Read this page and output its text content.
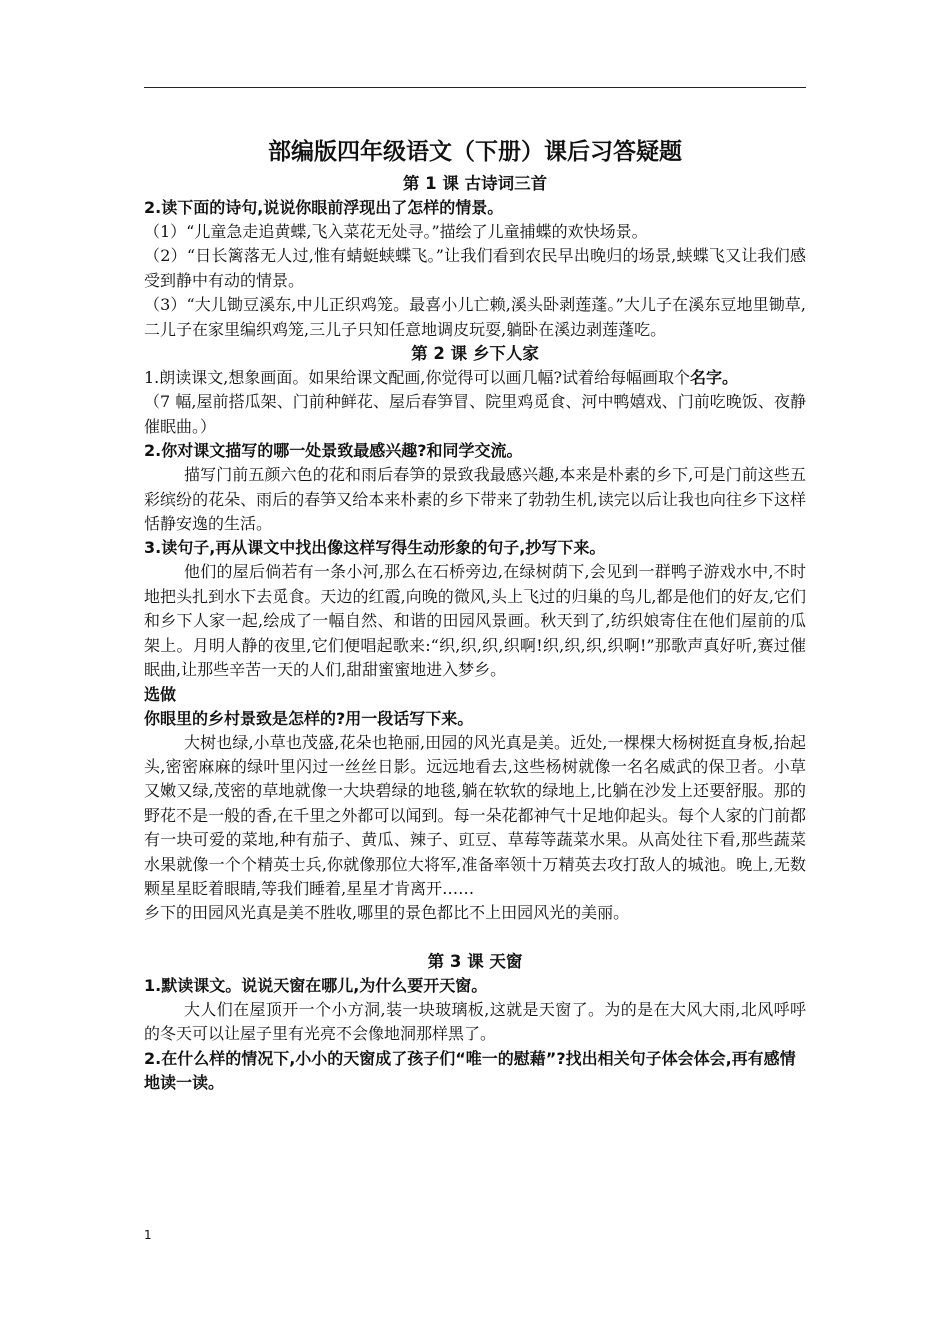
部编版四年级语文（下册）课后习答疑题
第 1 课 古诗词三首

2.读下面的诗句,说说你眼前浮现出了怎样的情景。

（1）“儿童急走追黄蝶,飞入菜花无处寻。”描绘了儿童捕蝶的欢快场景。

（2）“日长篱落无人过,惟有蜻蜓蛱蝶飞。”让我们看到农民早出晚归的场景,蛱蝶飞又让我们感受到静中有动的情景。

（3）“大儿锄豆溪东,中儿正织鸡笼。最喜小儿亡赖,溪头卧剥莲蓬。”大儿子在溪东豆地里锄草,二儿子在家里编织鸡笼,三儿子只知任意地调皮玩耍,躺卧在溪边剥莲蓬吃。

第 2 课 乡下人家

1.朗读课文,想象画面。如果给课文配画,你觉得可以画几幅?试着给每幅画取个名字。

（7 幅,屋前搭瓜架、门前种鲜花、屋后春笋冒、院里鸡觅食、河中鸭嬉戏、门前吃晚饭、夜静催眠曲。）

2.你对课文描写的哪一处景致最感兴趣?和同学交流。

描写门前五颜六色的花和雨后春笋的景致我最感兴趣,本来是朴素的乡下,可是门前这些五彩缤纷的花朵、雨后的春笋又给本来朴素的乡下带来了勃勃生机,读完以后让我也向往乡下这样恬静安逸的生活。

3.读句子,再从课文中找出像这样写得生动形象的句子,抄写下来。

他们的屋后倘若有一条小河,那么在石桥旁边,在绿树荫下,会见到一群鸭子游戏水中,不时地把头扎到水下去觅食。天边的红霞,向晚的微风,头上飞过的归巢的鸟儿,都是他们的好友,它们和乡下人家一起,绘成了一幅自然、和谐的田园风景画。秋天到了,纺织娘寄住在他们屋前的瓜架上。月明人静的夜里,它们便唱起歌来:“织,织,织,织啊!织,织,织,织啊!”那歌声真好听,赛过催眠曲,让那些辛苦一天的人们,甜甜蜜蜜地进入梦乡。

选做

你眼里的乡村景致是怎样的?用一段话写下来。

大树也绿,小草也茂盛,花朵也艳丽,田园的风光真是美。近处,一棵棵大杨树挺直身板,抬起头,密密麻麻的绿叶里闪过一丝丝日影。远远地看去,这些杨树就像一名名威武的保卫者。小草又嫩又绿,茂密的草地就像一大块碧绿的地毯,躺在软软的绿地上,比躺在沙发上还要舒服。那的野花不是一般的香,在千里之外都可以闻到。每一朵花都神气十足地仰起头。每个人家的门前都有一块可爱的菜地,种有茄子、黄瓜、辣子、豇豆、草莓等蔬菜水果。从高处往下看,那些蔬菜水果就像一个个精英士兵,你就像那位大将军,准备率领十万精英去攻打敌人的城池。晚上,无数颗星星眨着眼睛,等我们睡着,星星才肯离开……

乡下的田园风光真是美不胜收,哪里的景色都比不上田园风光的美丽。

第 3 课 天窗

1.默读课文。说说天窗在哪儿,为什么要开天窗。

大人们在屋顶开一个小方洞,装一块玻璃板,这就是天窗了。为的是在大风大雨,北风呼呼的冬天可以让屋子里有光亮不会像地洞那样黑了。

2.在什么样的情况下,小小的天窗成了孩子们“唯一的慰藉”?找出相关句子体会体会,再有感情地读一读。

1
